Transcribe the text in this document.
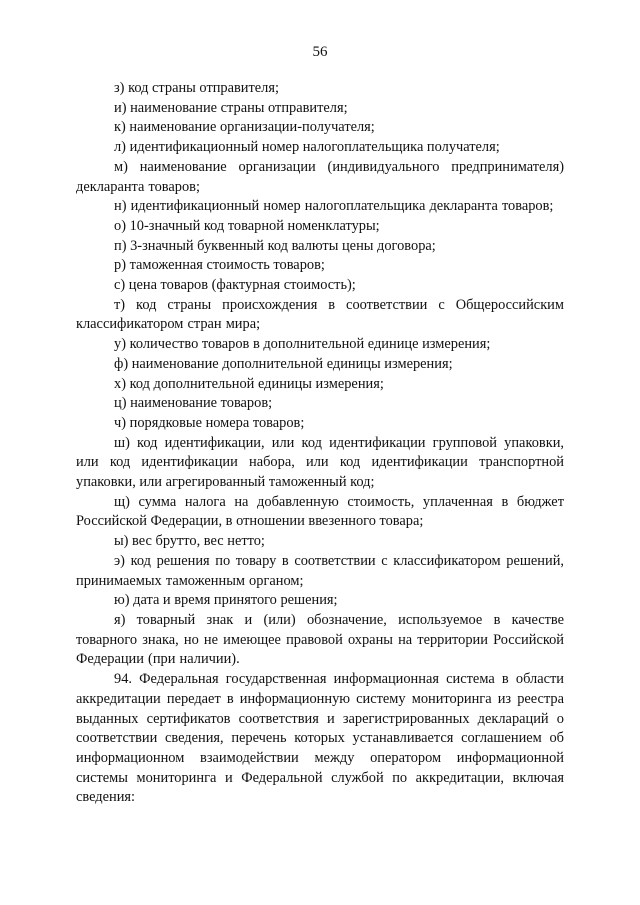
56

з) код страны отправителя;

и) наименование страны отправителя;

к) наименование организации-получателя;

л) идентификационный номер налогоплательщика получателя;

м) наименование организации (индивидуального предпринимателя) декларанта товаров;

н) идентификационный номер налогоплательщика декларанта товаров;

о) 10-значный код товарной номенклатуры;

п) 3-значный буквенный код валюты цены договора;

р) таможенная стоимость товаров;

с) цена товаров (фактурная стоимость);

т) код страны происхождения в соответствии с Общероссийским классификатором стран мира;

у) количество товаров в дополнительной единице измерения;

ф) наименование дополнительной единицы измерения;

х) код дополнительной единицы измерения;

ц) наименование товаров;

ч) порядковые номера товаров;

ш) код идентификации, или код идентификации групповой упаковки, или код идентификации набора, или код идентификации транспортной упаковки, или агрегированный таможенный код;

щ) сумма налога на добавленную стоимость, уплаченная в бюджет Российской Федерации, в отношении ввезенного товара;

ы) вес брутто, вес нетто;

э) код решения по товару в соответствии с классификатором решений, принимаемых таможенным органом;

ю) дата и время принятого решения;

я) товарный знак и (или) обозначение, используемое в качестве товарного знака, но не имеющее правовой охраны на территории Российской Федерации (при наличии).

94. Федеральная государственная информационная система в области аккредитации передает в информационную систему мониторинга из реестра выданных сертификатов соответствия и зарегистрированных деклараций о соответствии сведения, перечень которых устанавливается соглашением об информационном взаимодействии между оператором информационной системы мониторинга и Федеральной службой по аккредитации, включая сведения:
